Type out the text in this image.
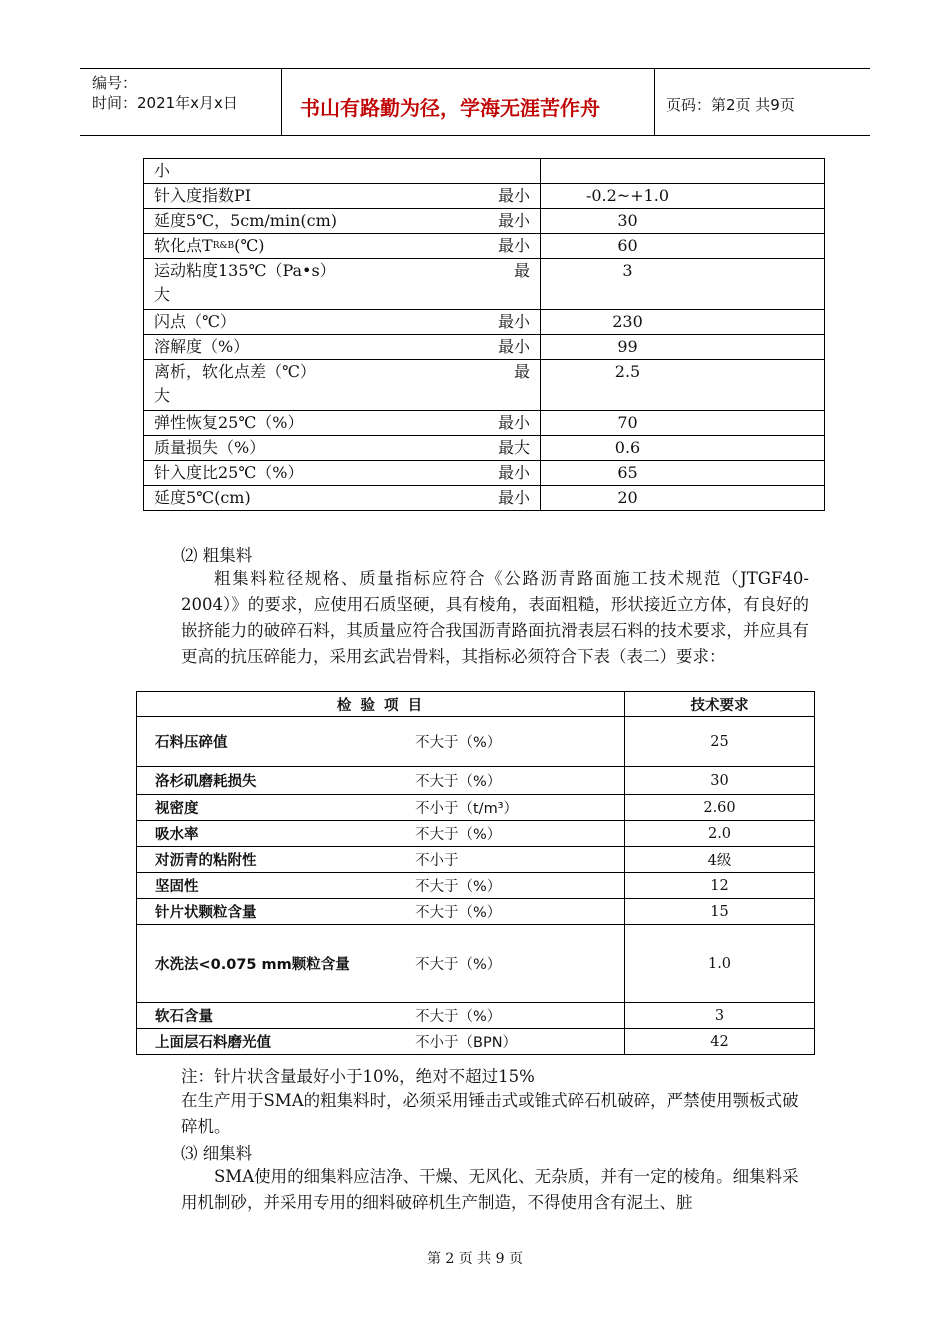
编号：
时间：2021年x月x日	书山有路勤为径，学海无涯苦作舟	页码：第2页 共9页
小	

针入度指数PI 最小	-0.2~+1.0

延度5℃，5cm/min(cm) 最小	30

软化点T R&B (℃) 最小	60

运动粘度135℃（Pa•s） 最
大	3

闪点（℃） 最小	230

溶解度（%） 最小	99

离析，软化点差（℃） 最
大	2.5

弹性恢复25℃（%） 最小	70

质量损失（%） 最大	0.6

针入度比25℃（%） 最小	65

延度5℃(cm) 最小	20
⑵ 粗集料
粗集料粒径规格、质量指标应符合《公路沥青路面施工技术规范（JTGF40-2004）》的要求，应使用石质坚硬，具有棱角，表面粗糙，形状接近立方体，有良好的嵌挤能力的破碎石料，其质量应符合我国沥青路面抗滑表层石料的技术要求，并应具有更高的抗压碎能力，采用玄武岩骨料，其指标必须符合下表（表二）要求：
检 验 项 目	技术要求

石料压碎值 不大于（%）	25

洛杉矶磨耗损失 不大于（%）	30

视密度 不小于（t/m³）	2.60

吸水率 不大于（%）	2.0

对沥青的粘附性 不小于	4级

坚固性 不大于（%）	12

针片状颗粒含量 不大于（%）	15

水洗法<0.075 mm颗粒含量 不大于（%）	1.0

软石含量 不大于（%）	3

上面层石料磨光值 不小于（BPN）	42
注：针片状含量最好小于10%，绝对不超过15%
在生产用于SMA的粗集料时，必须采用锤击式或锥式碎石机破碎，严禁使用颚板式破碎机。
⑶ 细集料
SMA使用的细集料应洁净、干燥、无风化、无杂质，并有一定的棱角。细集料采用机制砂，并采用专用的细料破碎机生产制造，不得使用含有泥土、脏
第 2 页 共 9 页
